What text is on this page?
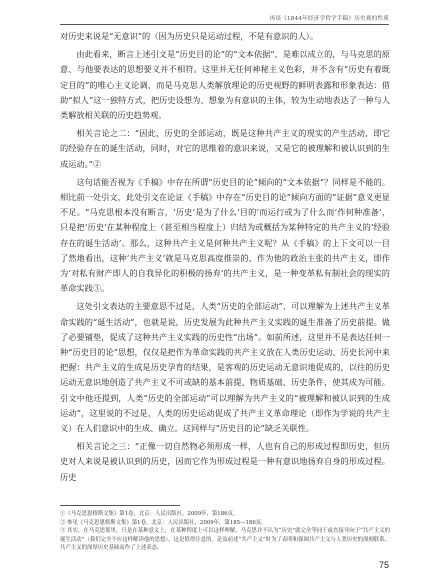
再谈《1844年经济学哲学手稿》历史观的性质

对历史来说是“无意识”的（因为历史只是运动过程，不是有意识的人）。

由此看来，断言上述引文是“历史目的论”的“文本依据”，是难以成立的，与马克思的原意、与他要表达的思想要义并不相符。这里并无任何神秘主义色彩，并不含有“历史有着既定目的”的唯心主义论调，而是马克思人类解放理论的历史视野的鲜明表露和形象表达：借助“拟人”这一独特方式，把历史设想为、想象为有意识的主体，较为生动地表达了一种与人类解放相关联的历史趋势观。

相关言论之二：“因此，历史的全部运动，既是这种共产主义的现实的产生活动，即它的经验存在的诞生活动，同时，对它的思维着的意识来说，又是它的被理解和被认识到的生成运动。”②

这句话能否视为《手稿》中存在所谓“历史目的论”倾向的“文本依据”？同样是不能的。相比前一处引文，此处引文在论证《手稿》中存在“历史目的论”倾向方面的“证据”意义更显不足。“马克思根本没有断言，‘历史’是为了什么‘目的’而运行或为了什么而‘作何种准备’，只是把‘历史’在某种程度上（甚至相当程度上）归结为或概括为某种特定的共产主义的‘经验存在的诞生活动’。那么，这种共产主义是何种共产主义呢？从《手稿》的上下文可以一目了然地看出，这种‘共产主义’就是马克思高度推崇的、作为他的政治主张的共产主义，即作为‘对私有财产即人的自我异化的积极的扬弃’的共产主义，是一种变革私有制社会的现实的革命实践③。

这处引文表达的主要意思不过是，人类“历史的全部运动”，可以理解为上述共产主义革命实践的“诞生活动”，也就是说，历史发展为此种共产主义实践的诞生准备了历史前提。做了必要铺垫，促成了这种共产主义实践的历史性“出场”。如前所述，这里并不是表达任何一种“历史目的论”思想，仅仅是把作为革命实践的共产主义放在人类历史运动、历史长河中来把握：共产主义的生成是历史孕育的结果，是客观的历史运动无意识地促成的，以往的历史运动无意识地创造了共产主义不可或缺的基本前提、物质基础、历史条件，使其成为可能。引文中他还提到，人类“历史的全部运动”可以理解为共产主义的“被理解和被认识到的生成运动”，这里说的不过是，人类的历史运动促成了共产主义革命理论（即作为学说的共产主义）在人们意识中的生成、确立。这同样与“历史目的论”缺乏关联性。

相关言论之三：“正像一切自然物必须形成一样，人也有自己的形成过程即历史，但历史对人来说是被认识到的历史，因而它作为形成过程是一种有意识地扬弃自身的形成过程。历史

①《马克思恩格斯文集》第1卷，北京：人民出版社，2009年，第186页。

② 参见《马克思恩格斯文集》第1卷，北京：人民出版社，2009年，第185—186页。

③ 其实，在马克思那里，只是在某种意义上，在某种程度上可以这样理解。马克思并不认为“历史”就完全等同于或直接导向于“共产主义的诞生活动”（我们完全不应这样解读他的思想），这是值得注意的。论及前述“共产主义”时为了表明和强调共产主义与人类历史的深刻联系、共产主义的深厚历史基础而作了上述表态。

75
